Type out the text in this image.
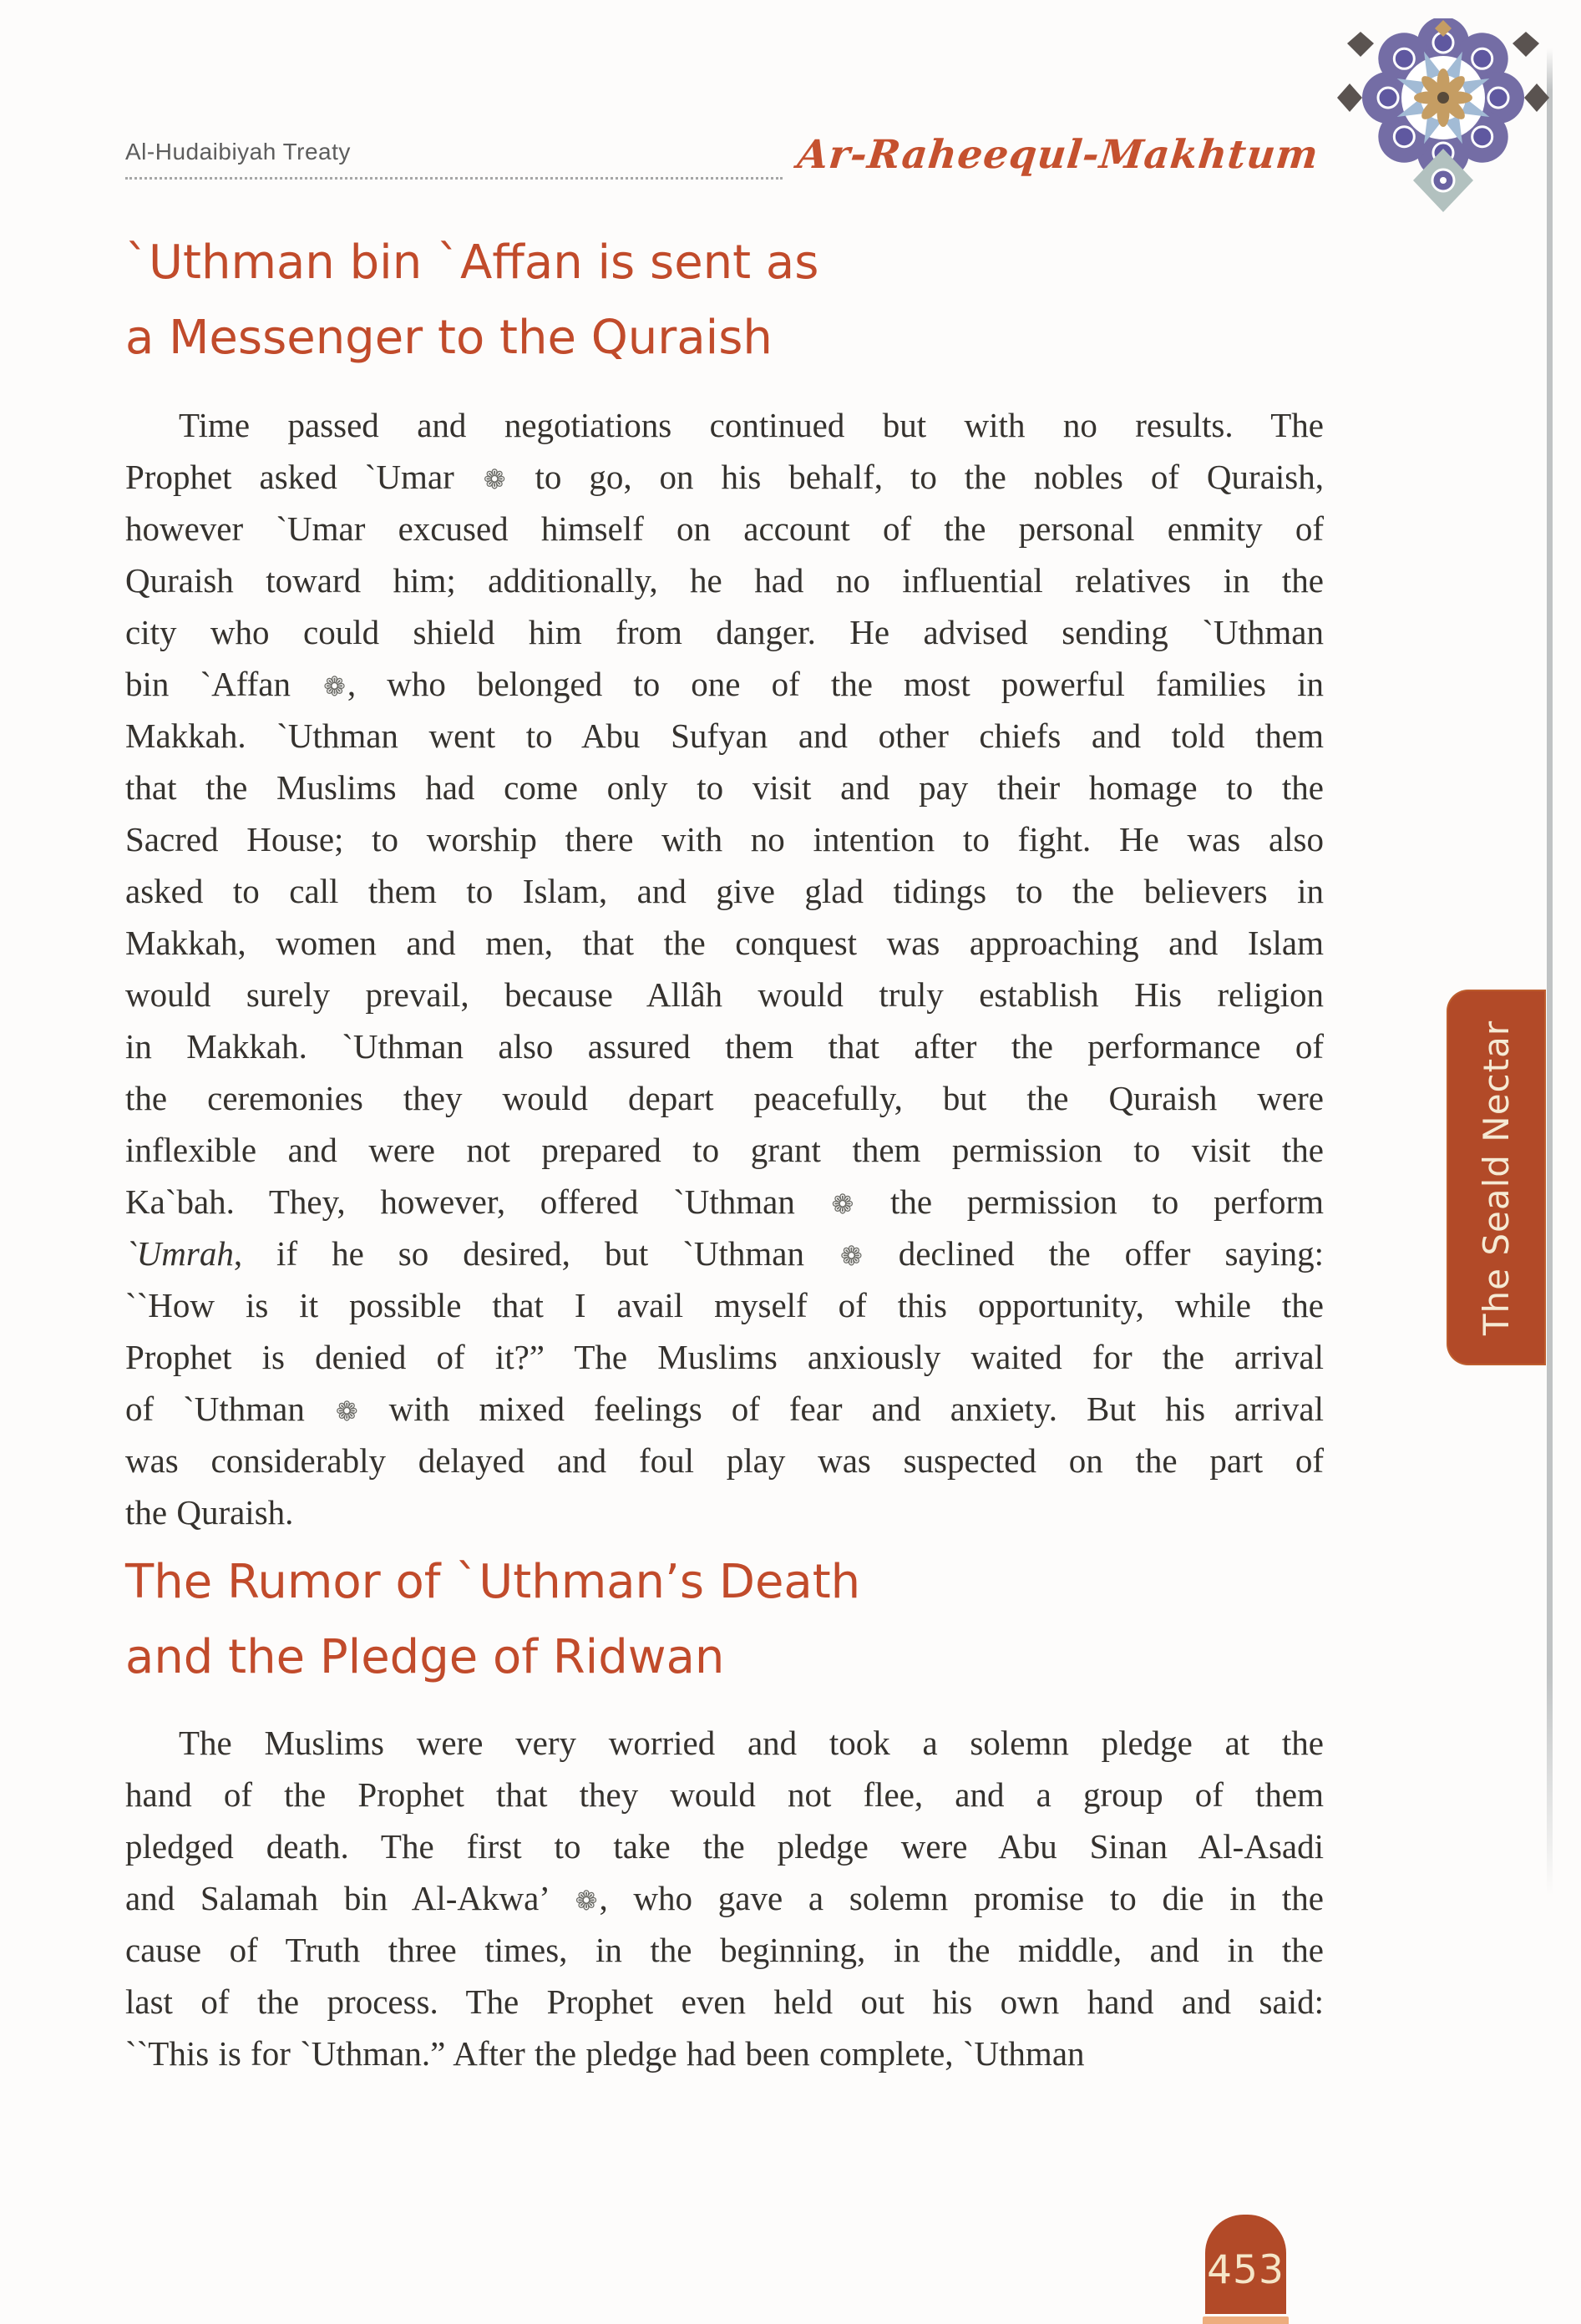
Al-Hudaibiyah Treaty	Ar-Raheequl-Makhtum
`Uthman bin `Affan is sent as
a Messenger to the Quraish
Time passed and negotiations continued but with no results. The
Prophet asked `Umar ❁ to go, on his behalf, to the nobles of Quraish,
however `Umar excused himself on account of the personal enmity of
Quraish toward him; additionally, he had no influential relatives in the
city who could shield him from danger. He advised sending `Uthman
bin `Affan ❁, who belonged to one of the most powerful families in
Makkah. `Uthman went to Abu Sufyan and other chiefs and told them
that the Muslims had come only to visit and pay their homage to the
Sacred House; to worship there with no intention to fight. He was also
asked to call them to Islam, and give glad tidings to the believers in
Makkah, women and men, that the conquest was approaching and Islam
would surely prevail, because Allâh would truly establish His religion
in Makkah. `Uthman also assured them that after the performance of
the ceremonies they would depart peacefully, but the Quraish were
inflexible and were not prepared to grant them permission to visit the
Ka`bah. They, however, offered `Uthman ❁ the permission to perform
`Umrah, if he so desired, but `Uthman ❁ declined the offer saying:
``How is it possible that I avail myself of this opportunity, while the
Prophet is denied of it?” The Muslims anxiously waited for the arrival
of `Uthman ❁ with mixed feelings of fear and anxiety. But his arrival
was considerably delayed and foul play was suspected on the part of
the Quraish.
The Rumor of `Uthman’s Death
and the Pledge of Ridwan
The Muslims were very worried and took a solemn pledge at the
hand of the Prophet that they would not flee, and a group of them
pledged death. The first to take the pledge were Abu Sinan Al-Asadi
and Salamah bin Al-Akwa’ ❁, who gave a solemn promise to die in the
cause of Truth three times, in the beginning, in the middle, and in the
last of the process. The Prophet even held out his own hand and said:
``This is for `Uthman.” After the pledge had been complete, `Uthman
The Seald Nectar
453
